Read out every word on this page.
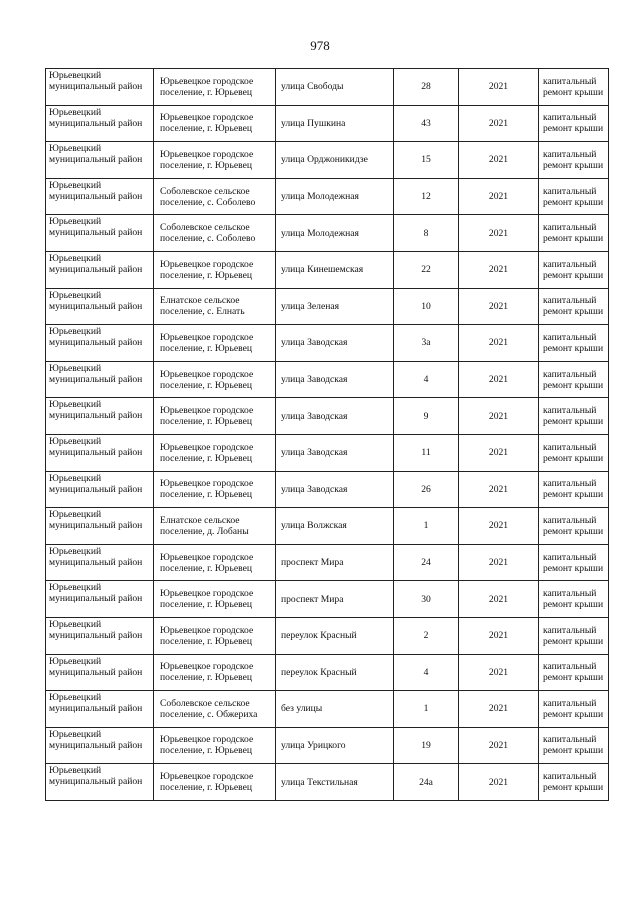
978
Юрьевецкий муниципальный район	Юрьевецкое городское поселение, г. Юрьевец	улица Свободы	28	2021	капитальный ремонт крыши
Юрьевецкий муниципальный район	Юрьевецкое городское поселение, г. Юрьевец	улица Пушкина	43	2021	капитальный ремонт крыши
Юрьевецкий муниципальный район	Юрьевецкое городское поселение, г. Юрьевец	улица Орджоникидзе	15	2021	капитальный ремонт крыши
Юрьевецкий муниципальный район	Соболевское сельское поселение, с. Соболево	улица Молодежная	12	2021	капитальный ремонт крыши
Юрьевецкий муниципальный район	Соболевское сельское поселение, с. Соболево	улица Молодежная	8	2021	капитальный ремонт крыши
Юрьевецкий муниципальный район	Юрьевецкое городское поселение, г. Юрьевец	улица Кинешемская	22	2021	капитальный ремонт крыши
Юрьевецкий муниципальный район	Елнатское сельское поселение, с. Елнать	улица Зеленая	10	2021	капитальный ремонт крыши
Юрьевецкий муниципальный район	Юрьевецкое городское поселение, г. Юрьевец	улица Заводская	3а	2021	капитальный ремонт крыши
Юрьевецкий муниципальный район	Юрьевецкое городское поселение, г. Юрьевец	улица Заводская	4	2021	капитальный ремонт крыши
Юрьевецкий муниципальный район	Юрьевецкое городское поселение, г. Юрьевец	улица Заводская	9	2021	капитальный ремонт крыши
Юрьевецкий муниципальный район	Юрьевецкое городское поселение, г. Юрьевец	улица Заводская	11	2021	капитальный ремонт крыши
Юрьевецкий муниципальный район	Юрьевецкое городское поселение, г. Юрьевец	улица Заводская	26	2021	капитальный ремонт крыши
Юрьевецкий муниципальный район	Елнатское сельское поселение, д. Лобаны	улица Волжская	1	2021	капитальный ремонт крыши
Юрьевецкий муниципальный район	Юрьевецкое городское поселение, г. Юрьевец	проспект Мира	24	2021	капитальный ремонт крыши
Юрьевецкий муниципальный район	Юрьевецкое городское поселение, г. Юрьевец	проспект Мира	30	2021	капитальный ремонт крыши
Юрьевецкий муниципальный район	Юрьевецкое городское поселение, г. Юрьевец	переулок Красный	2	2021	капитальный ремонт крыши
Юрьевецкий муниципальный район	Юрьевецкое городское поселение, г. Юрьевец	переулок Красный	4	2021	капитальный ремонт крыши
Юрьевецкий муниципальный район	Соболевское сельское поселение, с. Обжериха	без улицы	1	2021	капитальный ремонт крыши
Юрьевецкий муниципальный район	Юрьевецкое городское поселение, г. Юрьевец	улица Урицкого	19	2021	капитальный ремонт крыши
Юрьевецкий муниципальный район	Юрьевецкое городское поселение, г. Юрьевец	улица Текстильная	24а	2021	капитальный ремонт крыши
